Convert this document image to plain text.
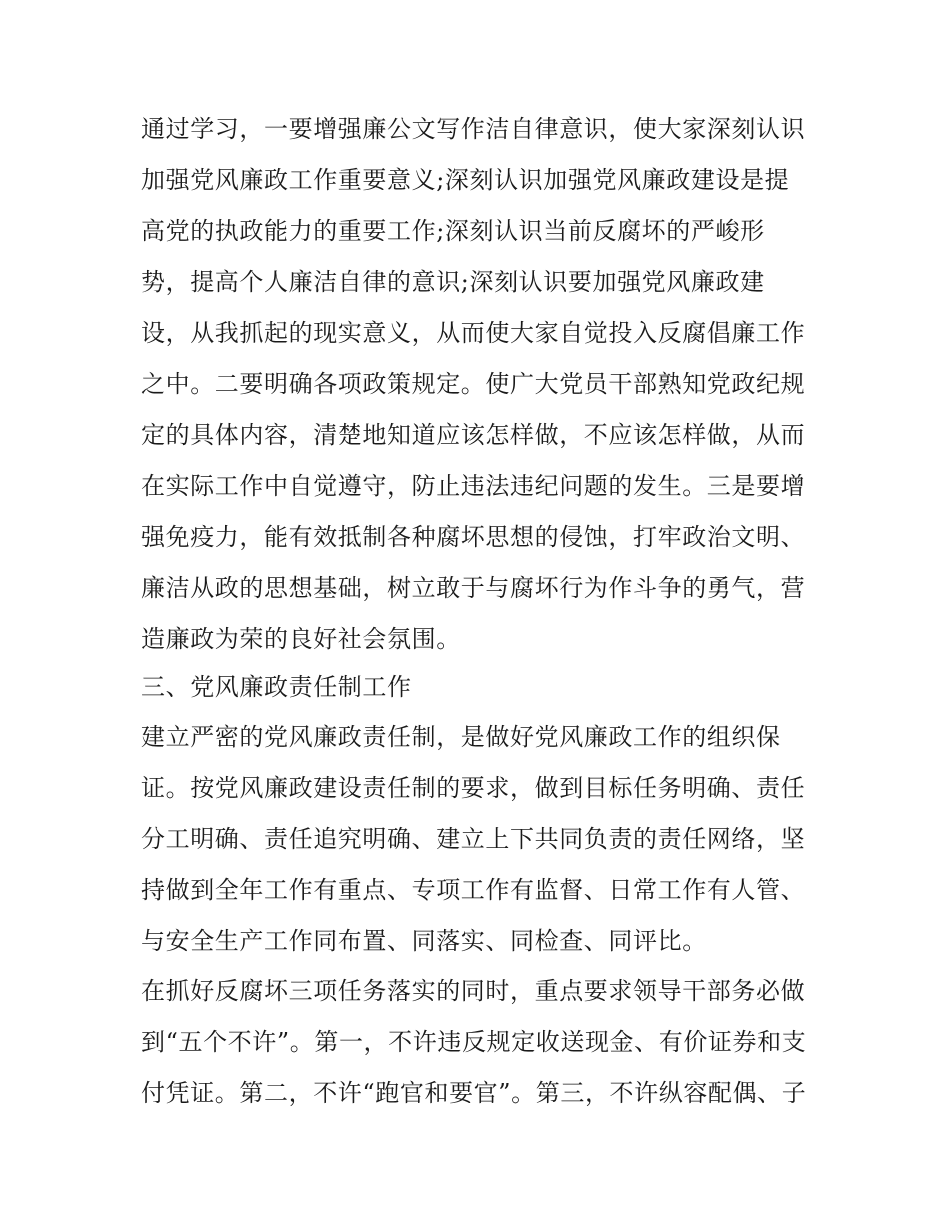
通过学习，一要增强廉公文写作洁自律意识，使大家深刻认识
加强党风廉政工作重要意义;深刻认识加强党风廉政建设是提
高党的执政能力的重要工作;深刻认识当前反腐坏的严峻形
势，提高个人廉洁自律的意识;深刻认识要加强党风廉政建
设，从我抓起的现实意义，从而使大家自觉投入反腐倡廉工作
之中。二要明确各项政策规定。使广大党员干部熟知党政纪规
定的具体内容，清楚地知道应该怎样做，不应该怎样做，从而
在实际工作中自觉遵守，防止违法违纪问题的发生。三是要增
强免疫力，能有效抵制各种腐坏思想的侵蚀，打牢政治文明、
廉洁从政的思想基础，树立敢于与腐坏行为作斗争的勇气，营
造廉政为荣的良好社会氛围。
三、党风廉政责任制工作
建立严密的党风廉政责任制，是做好党风廉政工作的组织保
证。按党风廉政建设责任制的要求，做到目标任务明确、责任
分工明确、责任追究明确、建立上下共同负责的责任网络，坚
持做到全年工作有重点、专项工作有监督、日常工作有人管、
与安全生产工作同布置、同落实、同检查、同评比。
在抓好反腐坏三项任务落实的同时，重点要求领导干部务必做
到“五个不许”。第一，不许违反规定收送现金、有价证券和支
付凭证。第二，不许“跑官和要官”。第三，不许纵容配偶、子
